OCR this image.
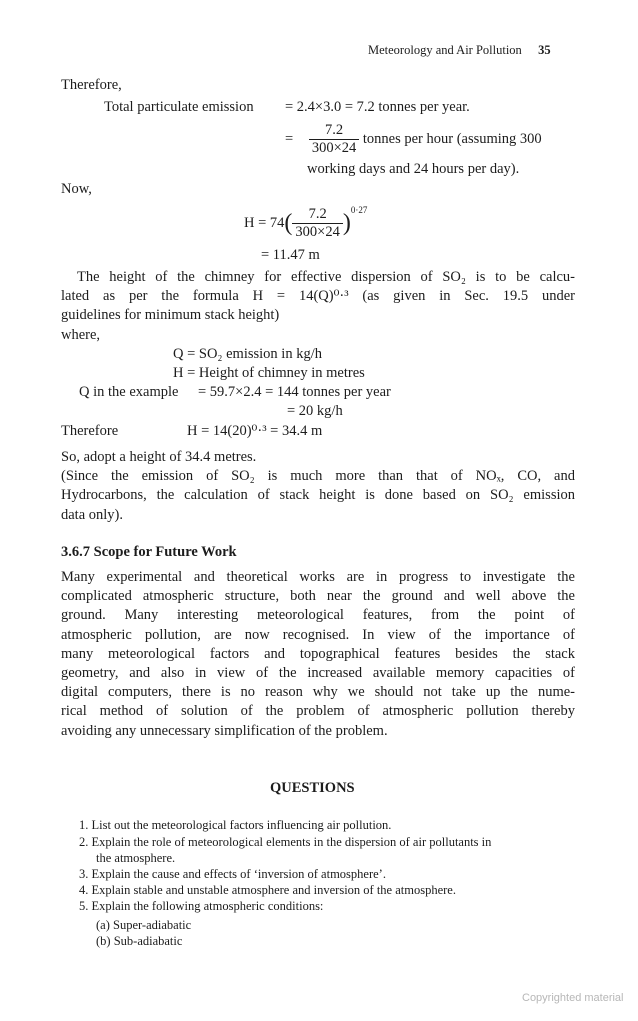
Meteorology and Air Pollution 35
Therefore,
Total particulate emission = 2.4×3.0 = 7.2 tonnes per year.
= $\frac{7.2}{300\times 24}$ tonnes per hour (assuming 300
working days and 24 hours per day).
Now,
$H = 74( \frac{7.2}{300\times 24} )^{0\cdot 27}$
= 11.47 m
The height of the chimney for effective dispersion of SO₂ is to be calcu-
lated as per the formula H = 14(Q)⁰·³ (as given in Sec. 19.5 under
guidelines for minimum stack height)
where,
Q = SO₂ emission in kg/h
H = Height of chimney in metres
Q in the example = 59.7×2.4 = 144 tonnes per year
= 20 kg/h
Therefore	H = 14(20)⁰·³ = 34.4 m
So, adopt a height of 34.4 metres.
(Since the emission of SO₂ is much more than that of NOₓ, CO, and
Hydrocarbons, the calculation of stack height is done based on SO₂ emission
data only).
3.6.7 Scope for Future Work
Many experimental and theoretical works are in progress to investigate the
complicated atmospheric structure, both near the ground and well above the
ground. Many interesting meteorological features, from the point of
atmospheric pollution, are now recognised. In view of the importance of
many meteorological factors and topographical features besides the stack
geometry, and also in view of the increased available memory capacities of
digital computers, there is no reason why we should not take up the nume-
rical method of solution of the problem of atmospheric pollution thereby
avoiding any unnecessary simplification of the problem.
QUESTIONS
1. List out the meteorological factors influencing air pollution.
2. Explain the role of meteorological elements in the dispersion of air pollutants in
the atmosphere.
3. Explain the cause and effects of ‘inversion of atmosphere’.
4. Explain stable and unstable atmosphere and inversion of the atmosphere.
5. Explain the following atmospheric conditions:
(a) Super-adiabatic
(b) Sub-adiabatic
Copyrighted material
